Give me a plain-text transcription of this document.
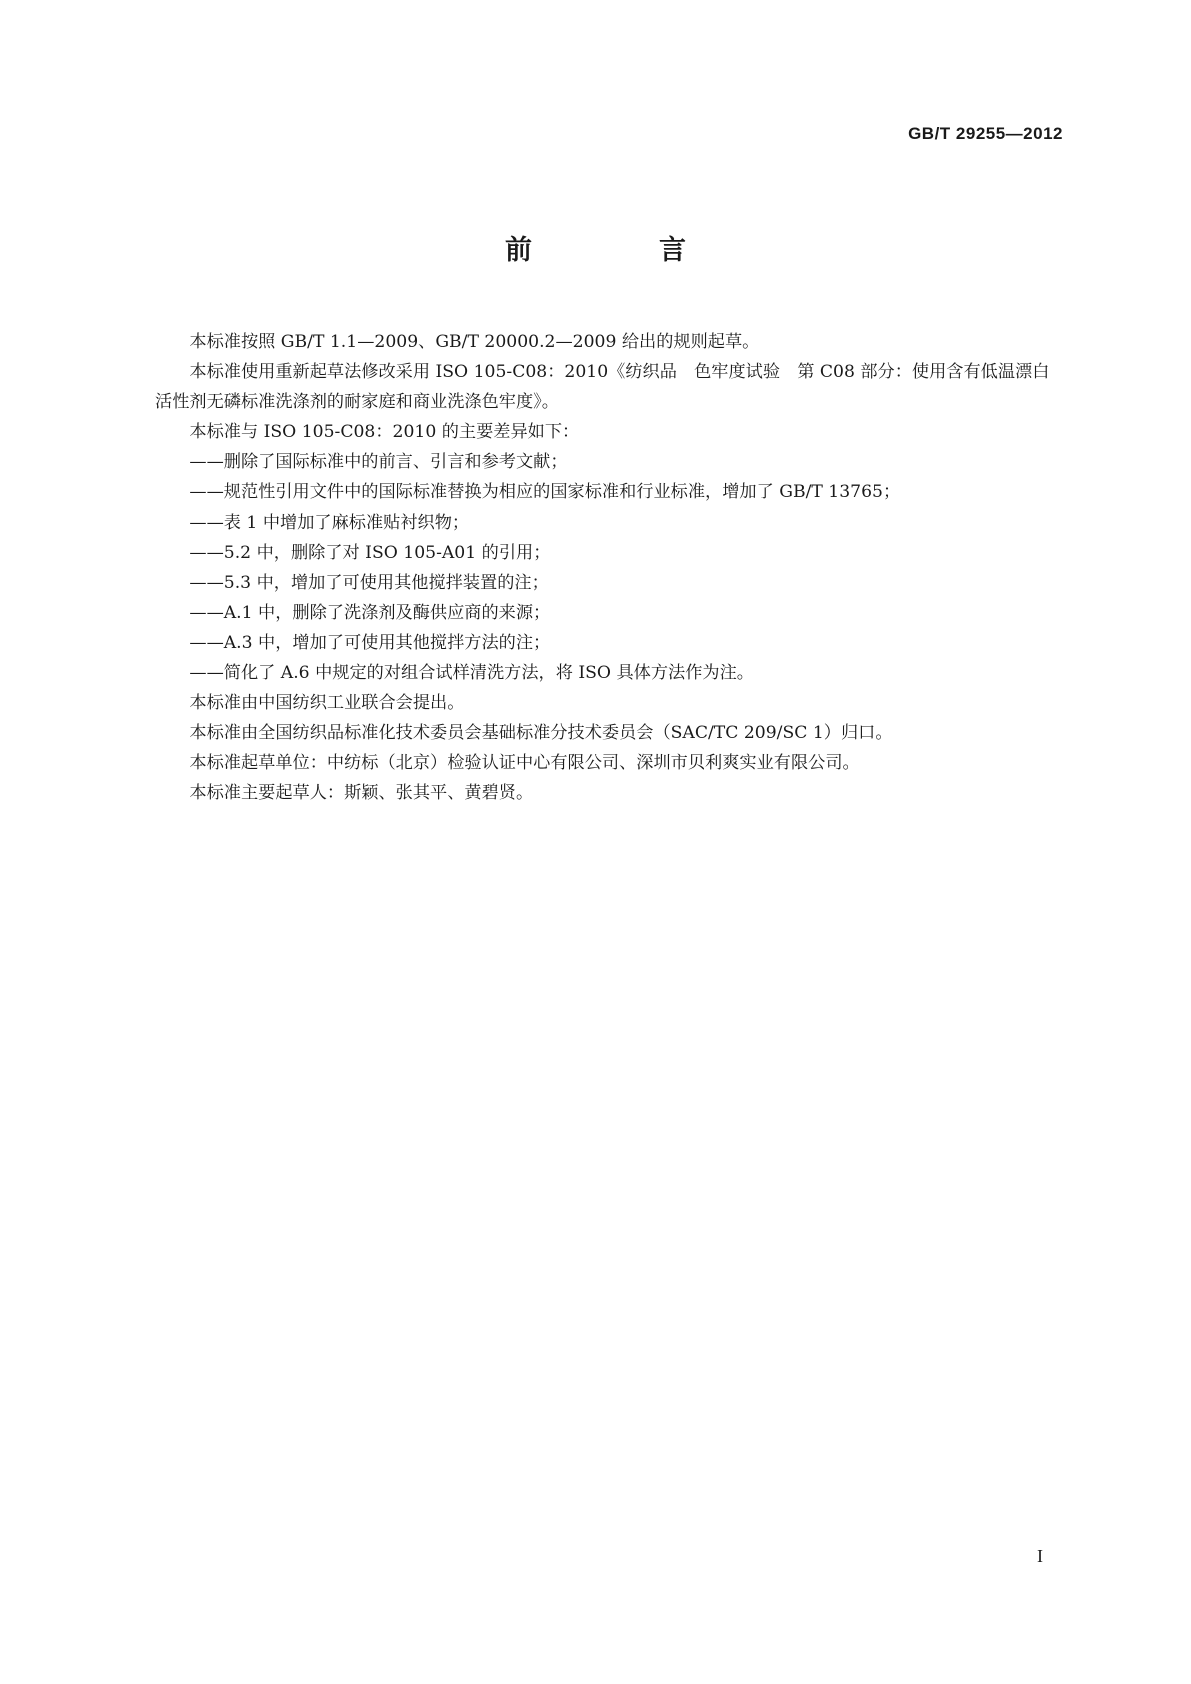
GB/T 29255—2012
前　言

本标准按照 GB/T 1.1—2009、GB/T 20000.2—2009 给出的规则起草。

本标准使用重新起草法修改采用 ISO 105-C08：2010《纺织品　色牢度试验　第 C08 部分：使用含有低温漂白活性剂无磷标准洗涤剂的耐家庭和商业洗涤色牢度》。

本标准与 ISO 105-C08：2010 的主要差异如下：

——删除了国际标准中的前言、引言和参考文献；

——规范性引用文件中的国际标准替换为相应的国家标准和行业标准，增加了 GB/T 13765；

——表 1 中增加了麻标准贴衬织物；

——5.2 中，删除了对 ISO 105-A01 的引用；

——5.3 中，增加了可使用其他搅拌装置的注；

——A.1 中，删除了洗涤剂及酶供应商的来源；

——A.3 中，增加了可使用其他搅拌方法的注；

——简化了 A.6 中规定的对组合试样清洗方法，将 ISO 具体方法作为注。

本标准由中国纺织工业联合会提出。

本标准由全国纺织品标准化技术委员会基础标准分技术委员会（SAC/TC 209/SC 1）归口。

本标准起草单位：中纺标（北京）检验认证中心有限公司、深圳市贝利爽实业有限公司。

本标准主要起草人：斯颖、张其平、黄碧贤。

I
